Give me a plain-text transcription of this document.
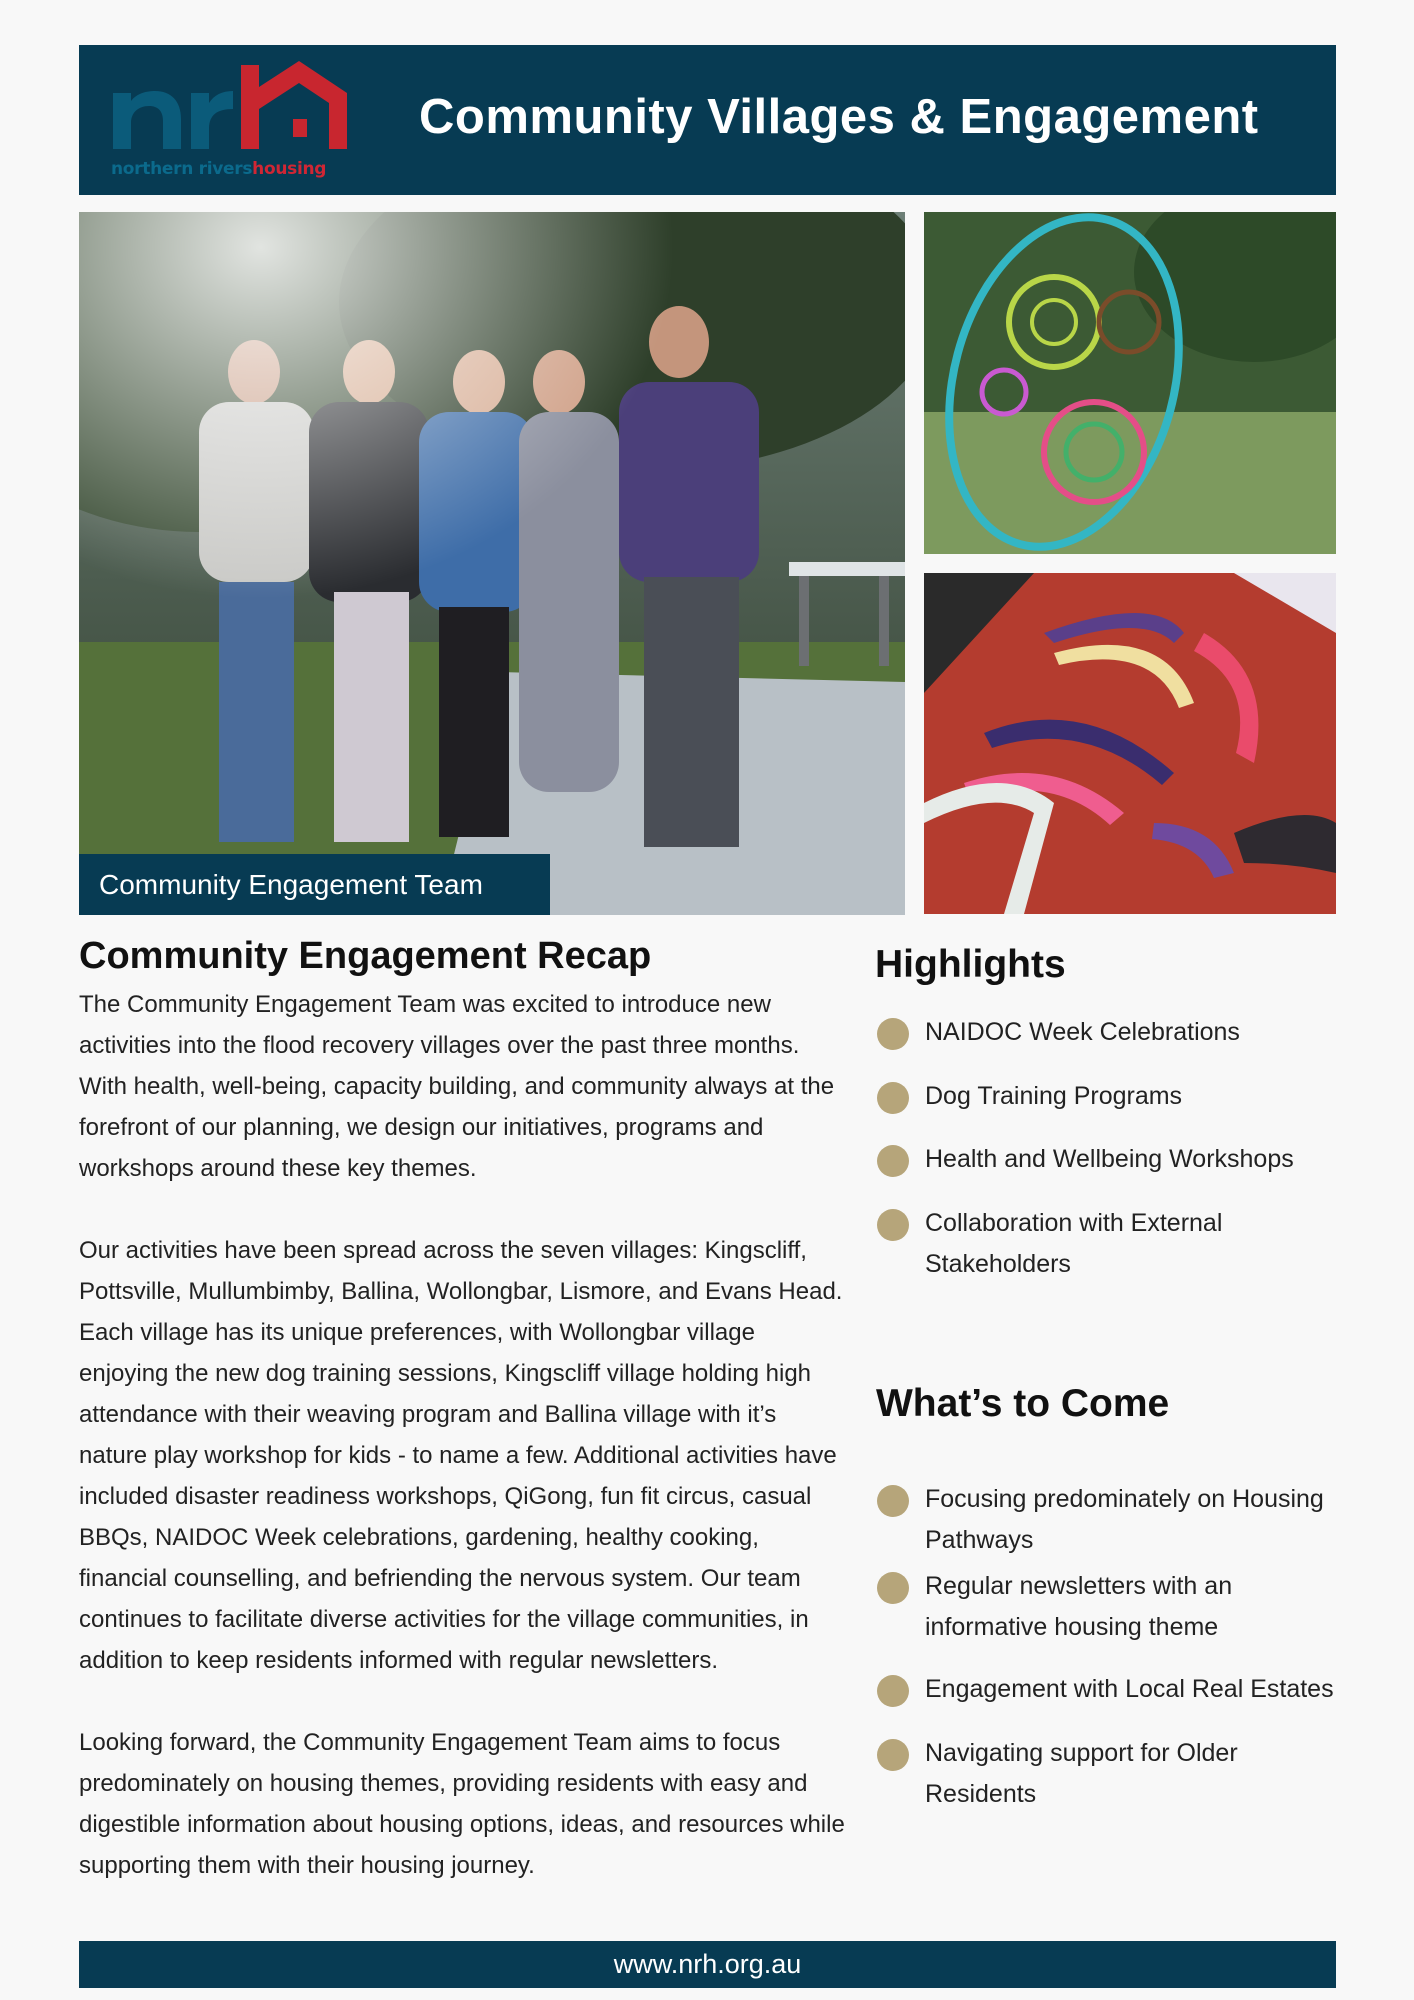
northern rivershousing
Community Villages & Engagement
Community Engagement Team
Community Engagement Recap

The Community Engagement Team was excited to introduce new activities into the flood recovery villages over the past three months. With health, well-being, capacity building, and community always at the forefront of our planning, we design our initiatives, programs and workshops around these key themes.

Our activities have been spread across the seven villages: Kingscliff, Pottsville, Mullumbimby, Ballina, Wollongbar, Lismore, and Evans Head. Each village has its unique preferences, with Wollongbar village enjoying the new dog training sessions, Kingscliff village holding high attendance with their weaving program and Ballina village with it’s nature play workshop for kids - to name a few. Additional activities have included disaster readiness workshops, QiGong, fun fit circus, casual BBQs, NAIDOC Week celebrations, gardening, healthy cooking, financial counselling, and befriending the nervous system. Our team continues to facilitate diverse activities for the village communities, in addition to keep residents informed with regular newsletters.

Looking forward, the Community Engagement Team aims to focus predominately on housing themes, providing residents with easy and digestible information about housing options, ideas, and resources while supporting them with their housing journey.

Highlights
NAIDOC Week Celebrations
Dog Training Programs
Health and Wellbeing Workshops
Collaboration with External Stakeholders
What’s to Come
Focusing predominately on Housing Pathways
Regular newsletters with an informative housing theme
Engagement with Local Real Estates
Navigating support for Older Residents
www.nrh.org.au
